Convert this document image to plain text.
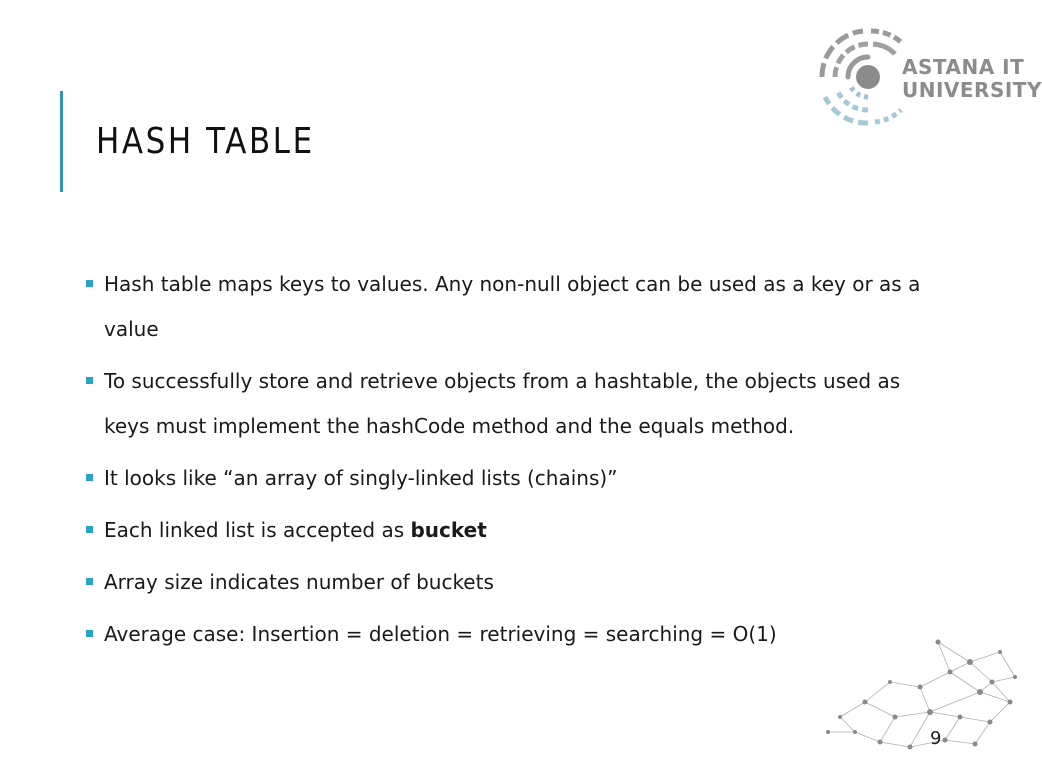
HASH TABLE
ASTANA IT
UNIVERSITY
Hash table maps keys to values. Any non-null object can be used as a key or as a value
To successfully store and retrieve objects from a hashtable, the objects used as keys must implement the hashCode method and the equals method.
It looks like “an array of singly-linked lists (chains)”
Each linked list is accepted as bucket
Array size indicates number of buckets
Average case: Insertion = deletion = retrieving = searching = O(1)
9
